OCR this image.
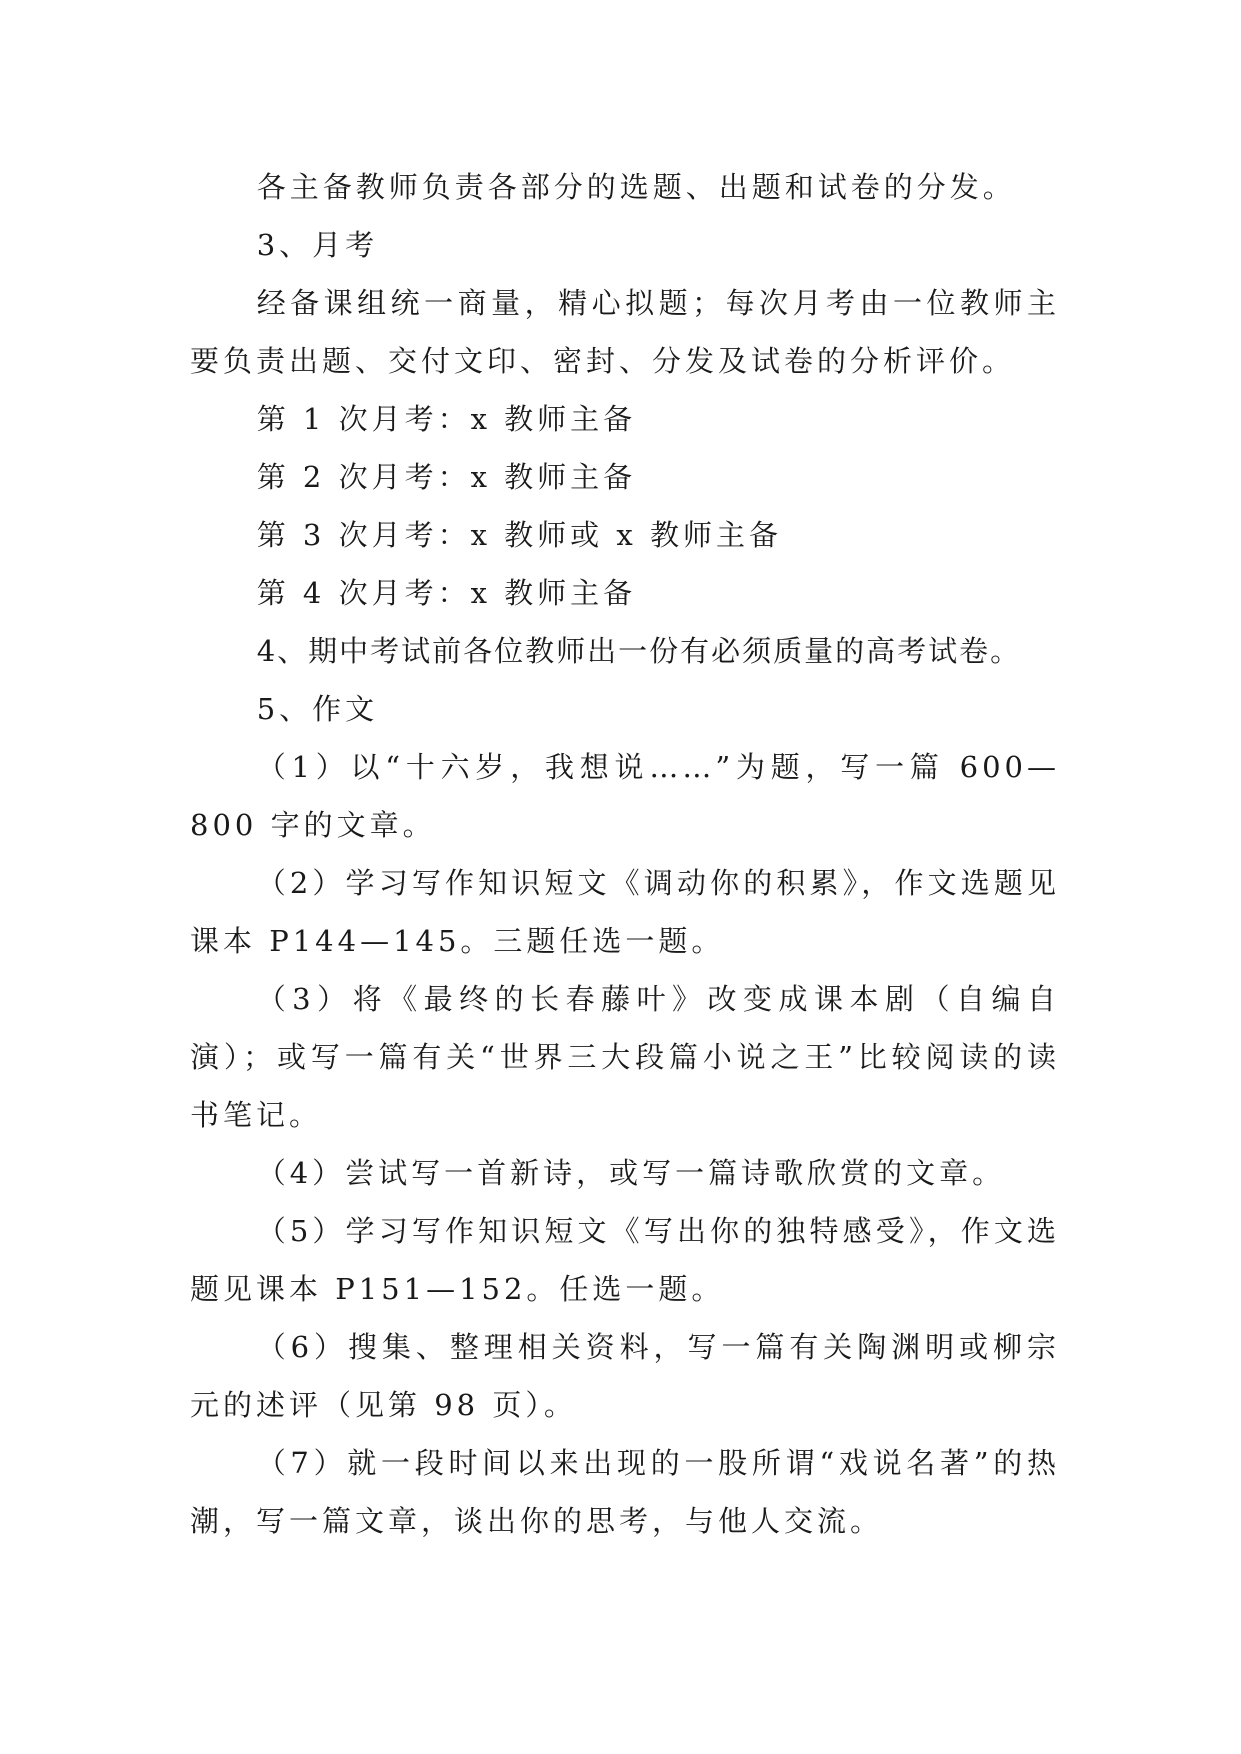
各主备教师负责各部分的选题、出题和试卷的分发。

3、月考

经备课组统一商量，精心拟题；每次月考由一位教师主要负责出题、交付文印、密封、分发及试卷的分析评价。

第 1 次月考：x 教师主备

第 2 次月考：x 教师主备

第 3 次月考：x 教师或 x 教师主备

第 4 次月考：x 教师主备

4、期中考试前各位教师出一份有必须质量的高考试卷。

5、作文

（1）以“十六岁，我想说……”为题，写一篇 600—800 字的文章。

（2）学习写作知识短文《调动你的积累》，作文选题见课本 P144—145。三题任选一题。

（3）将《最终的长春藤叶》改变成课本剧（自编自演）；或写一篇有关“世界三大段篇小说之王”比较阅读的读书笔记。

（4）尝试写一首新诗，或写一篇诗歌欣赏的文章。

（5）学习写作知识短文《写出你的独特感受》，作文选题见课本 P151—152。任选一题。

（6）搜集、整理相关资料，写一篇有关陶渊明或柳宗元的述评（见第 98 页）。

（7）就一段时间以来出现的一股所谓“戏说名著”的热潮，写一篇文章，谈出你的思考，与他人交流。
